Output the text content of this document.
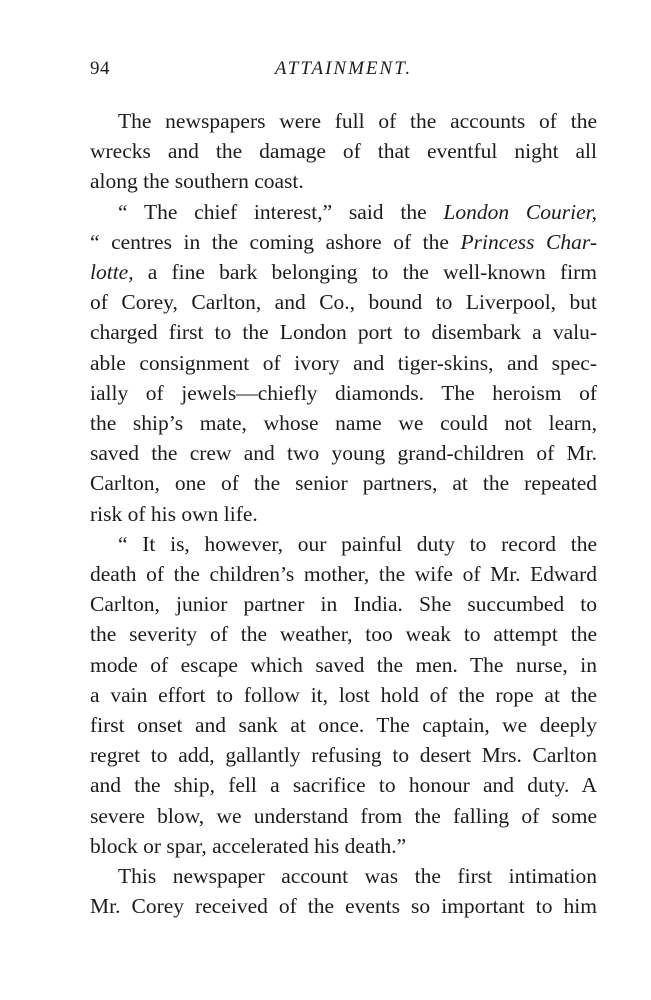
94	ATTAINMENT.
The newspapers were full of the accounts of the
wrecks and the damage of that eventful night all
along the southern coast.
“ The chief interest,” said the London Courier,
“ centres in the coming ashore of the Princess Char-
lotte, a fine bark belonging to the well-known firm
of Corey, Carlton, and Co., bound to Liverpool, but
charged first to the London port to disembark a valu-
able consignment of ivory and tiger-skins, and spec-
ially of jewels—chiefly diamonds. The heroism of
the ship’s mate, whose name we could not learn,
saved the crew and two young grand-children of Mr.
Carlton, one of the senior partners, at the repeated
risk of his own life.
“ It is, however, our painful duty to record the
death of the children’s mother, the wife of Mr. Edward
Carlton, junior partner in India. She succumbed to
the severity of the weather, too weak to attempt the
mode of escape which saved the men. The nurse, in
a vain effort to follow it, lost hold of the rope at the
first onset and sank at once. The captain, we deeply
regret to add, gallantly refusing to desert Mrs. Carlton
and the ship, fell a sacrifice to honour and duty. A
severe blow, we understand from the falling of some
block or spar, accelerated his death.”
This newspaper account was the first intimation
Mr. Corey received of the events so important to him
